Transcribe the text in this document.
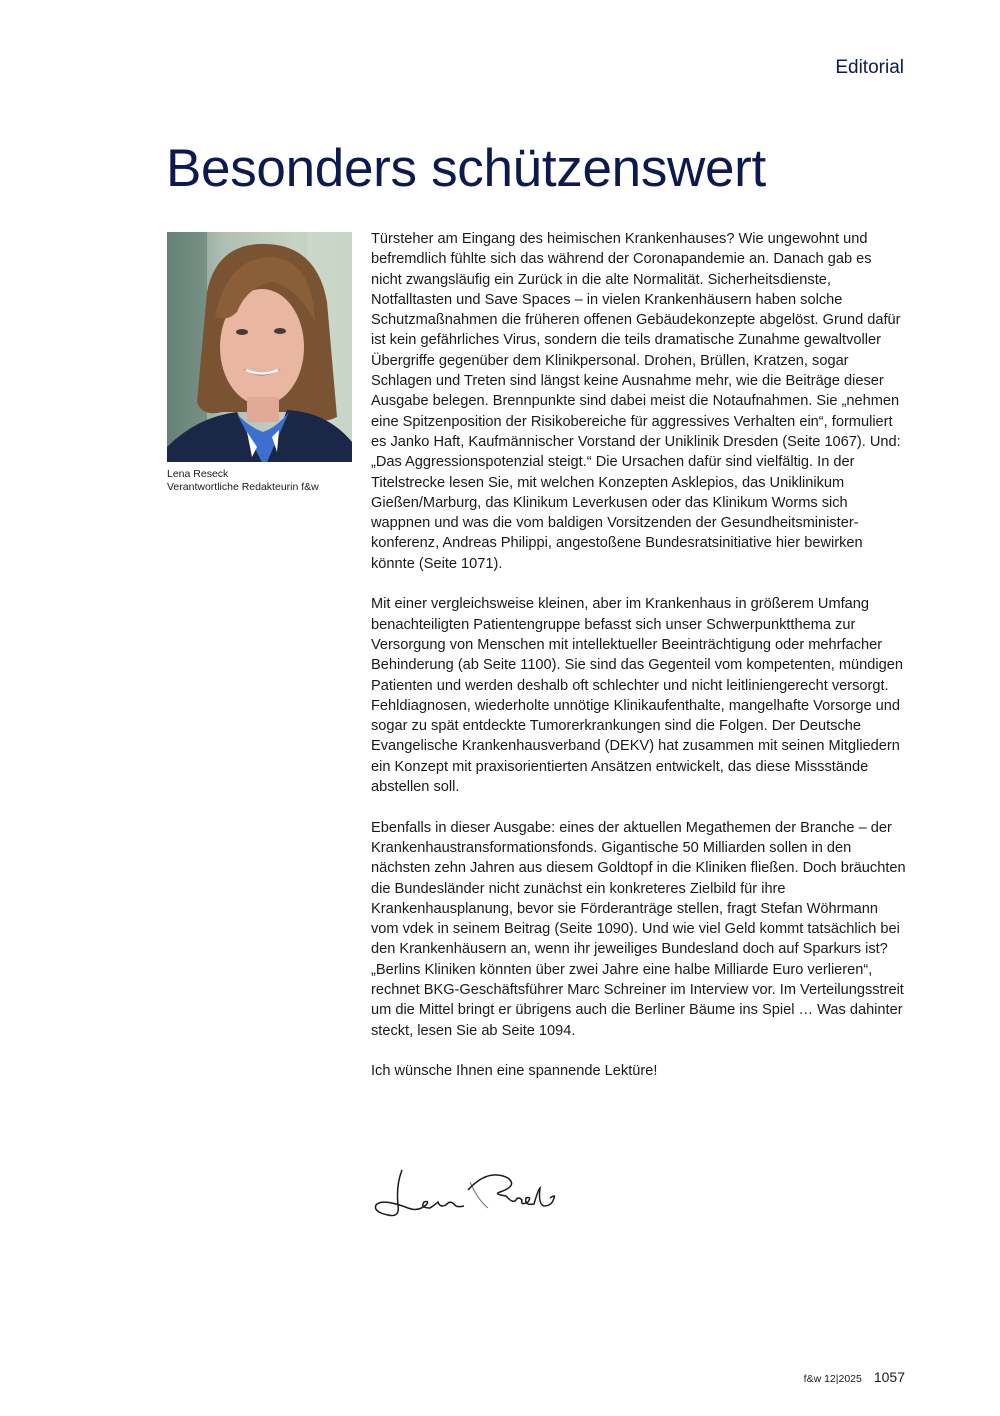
Editorial
Besonders schützenswert
Lena Reseck
Verantwortliche Redakteurin f&w

Türsteher am Eingang des heimischen Krankenhauses? Wie ungewohnt und befremdlich fühlte sich das während der Coronapandemie an. Danach gab es nicht zwangsläufig ein Zurück in die alte Normalität. Sicherheitsdienste, Notfalltasten und Save Spaces – in vielen Krankenhäusern haben solche Schutzmaßnahmen die früheren offenen Gebäudekonzepte abgelöst. Grund dafür ist kein gefährliches Virus, sondern die teils dramatische Zunahme gewaltvoller Übergriffe gegenüber dem Klinikpersonal. Drohen, Brüllen, Kratzen, sogar Schlagen und Treten sind längst keine Ausnahme mehr, wie die Beiträge dieser Ausgabe belegen. Brennpunkte sind dabei meist die Notaufnahmen. Sie „nehmen eine Spitzenposition der Risikobereiche für aggressives Verhalten ein“, formuliert es Janko Haft, Kaufmännischer Vorstand der Uniklinik Dresden (Seite 1067). Und: „Das Aggressionspotenzial steigt.“ Die Ursachen dafür sind vielfältig. In der Titelstrecke lesen Sie, mit welchen Konzepten Asklepios, das Uniklinikum Gießen/Marburg, das Klinikum Leverkusen oder das Klinikum Worms sich wappnen und was die vom baldigen Vorsitzenden der Gesundheitsminister-konferenz, Andreas Philippi, angestoßene Bundesratsinitiative hier bewirken könnte (Seite 1071).

Mit einer vergleichsweise kleinen, aber im Krankenhaus in größerem Umfang benachteiligten Patientengruppe befasst sich unser Schwerpunktthema zur Versorgung von Menschen mit intellektueller Beeinträchtigung oder mehrfacher Behinderung (ab Seite 1100). Sie sind das Gegenteil vom kompetenten, mündigen Patienten und werden deshalb oft schlechter und nicht leitliniengerecht versorgt. Fehldiagnosen, wiederholte unnötige Klinikaufenthalte, mangelhafte Vorsorge und sogar zu spät entdeckte Tumorerkrankungen sind die Folgen. Der Deutsche Evangelische Krankenhausverband (DEKV) hat zusammen mit seinen Mitgliedern ein Konzept mit praxisorientierten Ansätzen entwickelt, das diese Missstände abstellen soll.

Ebenfalls in dieser Ausgabe: eines der aktuellen Megathemen der Branche – der Krankenhaustransformationsfonds. Gigantische 50 Milliarden sollen in den nächsten zehn Jahren aus diesem Goldtopf in die Kliniken fließen. Doch bräuchten die Bundesländer nicht zunächst ein konkreteres Zielbild für ihre Krankenhausplanung, bevor sie Förderanträge stellen, fragt Stefan Wöhrmann vom vdek in seinem Beitrag (Seite 1090). Und wie viel Geld kommt tatsächlich bei den Krankenhäusern an, wenn ihr jeweiliges Bundesland doch auf Sparkurs ist? „Berlins Kliniken könnten über zwei Jahre eine halbe Milliarde Euro verlieren“, rechnet BKG-Geschäftsführer Marc Schreiner im Interview vor. Im Verteilungsstreit um die Mittel bringt er übrigens auch die Berliner Bäume ins Spiel … Was dahinter steckt, lesen Sie ab Seite 1094.

Ich wünsche Ihnen eine spannende Lektüre!

f&w 12|2025 1057
